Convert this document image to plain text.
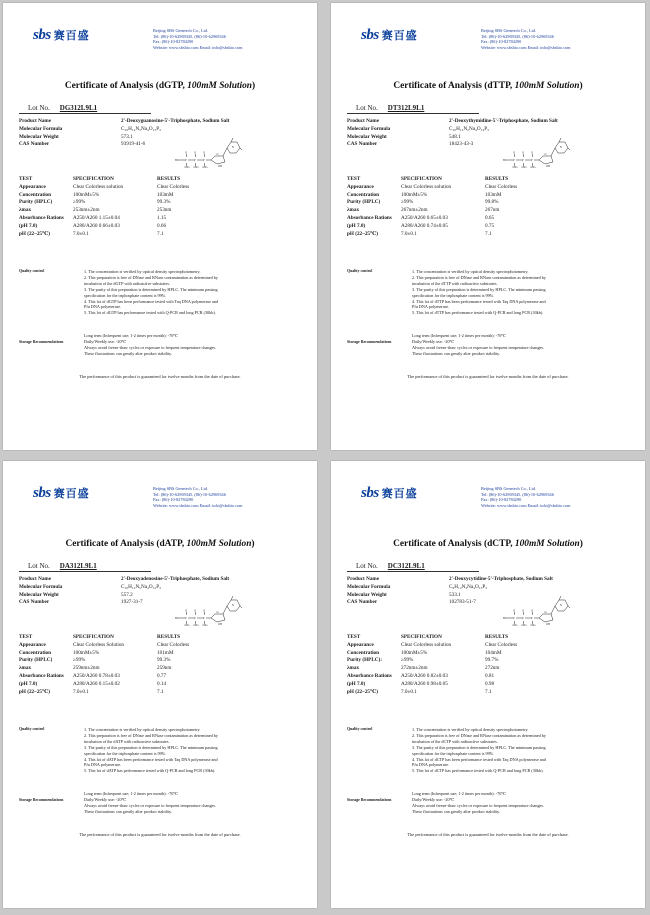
sbs 赛百盛	Beijing SBS Genetech Co., Ltd.
Tel: (86)-10-62969345, (86)-10-62969346
Fax: (86)-10-82784290
Website: www.sbsbio.com Email: info@sbsbio.com
Certificate of Analysis (dGTP, 100mM Solution)
Lot No. DG312L9L1
Product Name	2'-Deoxyguanosine-5'-Triphosphate, Sodium Salt
Molecular Formula	C₁₀H₁₂N₅Na₄O₁₃P₃
Molecular Weight	573.1
CAS Number	93919-41-6
P	P	P
HO
O	O	O
ONa	ONa	ONa	OH
O
N
TEST	SPECIFICATION	RESULTS
Appearance	Clear Colorless solution	Clear Colorless
Concentration	100mM±5%	103mM
Purity (HPLC)	≥99%	99.3%
λmax	253nm±2nm	253nm
Absorbance Rations	A250/A260 1.15±0.04	1.15
(pH 7.0)	A280/A260 0.66±0.03	0.66
pH (22~25℃)	7.0±0.1	7.1
Quality control	1. The concentration is verified by optical density spectrophotometry.
2. This preparation is free of DNase and RNase contamination as determined by
incubation of the dGTP with radioactive substrates.
3. The purity of this preparation is determined by HPLC. The minimum passing
specification for the triphosphate content is 99%.
4. This lot of dGTP has been performance tested with Taq DNA polymerase and
Pfu DNA polymerase.
5. This lot of dGTP has performance tested with Q-PCR and long PCR (30kb).
Storage Recommendations
Long term (Infrequent use; 1-2 times per month): -70℃
Daily/Weekly use: -20℃
Always avoid freeze-thaw cycles or exposure to frequent temperature changes.
These fluctuations can greatly alter product stability.
The performance of this product is guaranteed for twelve months from the date of purchase.
sbs 赛百盛	Beijing SBS Genetech Co., Ltd.
Tel: (86)-10-62969345, (86)-10-62969346
Fax: (86)-10-82784290
Website: www.sbsbio.com Email: info@sbsbio.com
Certificate of Analysis (dTTP, 100mM Solution)
Lot No. DT312L9L1
Product Name	2'-Deoxythymidine-5'-Triphosphate, Sodium Salt
Molecular Formula	C₁₀H₁₃N₂Na₄O₁₄P₃
Molecular Weight	548.1
CAS Number	18423-43-3
P	P	P
HO
O	O	O
ONa	ONa	ONa	OH
O
N
TEST	SPECIFICATION	RESULTS
Appearance	Clear Colorless solution	Clear Colorless
Concentration	100mM±5%	103mM
Purity (HPLC)	≥99%	99.8%
λmax	267nm±2nm	267nm
Absorbance Rations	A250/A260 0.65±0.03	0.65
(pH 7.0)	A280/A260 0.74±0.05	0.75
pH (22~25℃)	7.0±0.1	7.1
Quality control	1. The concentration is verified by optical density spectrophotometry.
2. This preparation is free of DNase and RNase contamination as determined by
incubation of the dTTP with radioactive substrates.
3. The purity of this preparation is determined by HPLC. The minimum passing
specification for the triphosphate content is 99%.
4. This lot of dTTP has been performance tested with Taq DNA polymerase and
Pfu DNA polymerase.
5. This lot of dTTP has performance tested with Q-PCR and long PCR (30kb).
Storage Recommendations
Long term (Infrequent use; 1-2 times per month): -70℃
Daily/Weekly use: -20℃
Always avoid freeze-thaw cycles or exposure to frequent temperature changes.
These fluctuations can greatly alter product stability.
The performance of this product is guaranteed for twelve months from the date of purchase.
sbs 赛百盛	Beijing SBS Genetech Co., Ltd.
Tel: (86)-10-62969345, (86)-10-62969346
Fax: (86)-10-82784290
Website: www.sbsbio.com Email: info@sbsbio.com
Certificate of Analysis (dATP, 100mM Solution)
Lot No. DA312L9L1
Product Name	2'-Deoxyadenosine-5'-Triphosphate, Sodium Salt
Molecular Formula	C₁₀H₁₂N₅Na₄O₁₂P₃
Molecular Weight	557.2
CAS Number	1927-31-7
P	P	P
HO
O	O	O
ONa	ONa	ONa	OH
O
N
TEST	SPECIFICATION	RESULTS
Appearance	Clear Colorless Solution	Clear Colorless
Concentration	100mM±5%	101mM
Purity (HPLC)	≥99%	99.3%
λmax	259nm±2nm	259nm
Absorbance Rations	A250/A260 0.78±0.03	0.77
(pH 7.0)	A280/A260 0.15±0.02	0.14
pH (22~25℃)	7.0±0.1	7.1
Quality control	1. The concentration is verified by optical density spectrophotometry.
2. This preparation is free of DNase and RNase contamination as determined by
incubation of the dATP with radioactive substrates.
3. The purity of this preparation is determined by HPLC. The minimum passing
specification for the triphosphate content is 99%.
4. This lot of dATP has been performance tested with Taq DNA polymerase and
Pfu DNA polymerase.
5. This lot of dATP has performance tested with Q-PCR and long PCR (30kb).
Storage Recommendations
Long term (Infrequent use; 1-2 times per month): -70℃
Daily/Weekly use: -20℃
Always avoid freeze-thaw cycles or exposure to frequent temperature changes.
These fluctuations can greatly alter product stability.
The performance of this product is guaranteed for twelve months from the date of purchase.
sbs 赛百盛	Beijing SBS Genetech Co., Ltd.
Tel: (86)-10-62969345, (86)-10-62969346
Fax: (86)-10-82784290
Website: www.sbsbio.com Email: info@sbsbio.com
Certificate of Analysis (dCTP, 100mM Solution)
Lot No. DC312L9L1
Product Name	2'-Deoxycytidine-5'-Triphosphate, Sodium Salt
Molecular Formula	C₉H₁₂N₃Na₄O₁₃P₃
Molecular Weight	533.1
CAS Number	102783-51-7
P	P	P
HO
O	O	O
ONa	ONa	ONa	OH
O
N
TEST	SPECIFICATION	RESULTS
Appearance	Clear Colorless solution	Clear Colorless
Concentration	100mM±5%	104mM
Purity (HPLC):	≥99%	99.7%
λmax	272nm±2nm	272nm
Absorbance Rations	A250/A260 0.82±0.03	0.81
(pH 7.0)	A280/A260 0.98±0.05	0.98
pH (22~25℃)	7.0±0.1	7.1
Quality control	1. The concentration is verified by optical density spectrophotometry.
2. This preparation is free of DNase and RNase contamination as determined by
incubation of the dCTP with radioactive substrates.
3. The purity of this preparation is determined by HPLC. The minimum passing
specification for the triphosphate content is 99%.
4. This lot of dCTP has been performance tested with Taq DNA polymerase and
Pfu DNA polymerase.
5. This lot of dCTP has performance tested with Q-PCR and long PCR (30kb).
Storage Recommendations
Long term (Infrequent use; 1-2 times per month): -70℃
Daily/Weekly use: -20℃
Always avoid freeze-thaw cycles or exposure to frequent temperature changes.
These fluctuations can greatly alter product stability.
The performance of this product is guaranteed for twelve months from the date of purchase.
